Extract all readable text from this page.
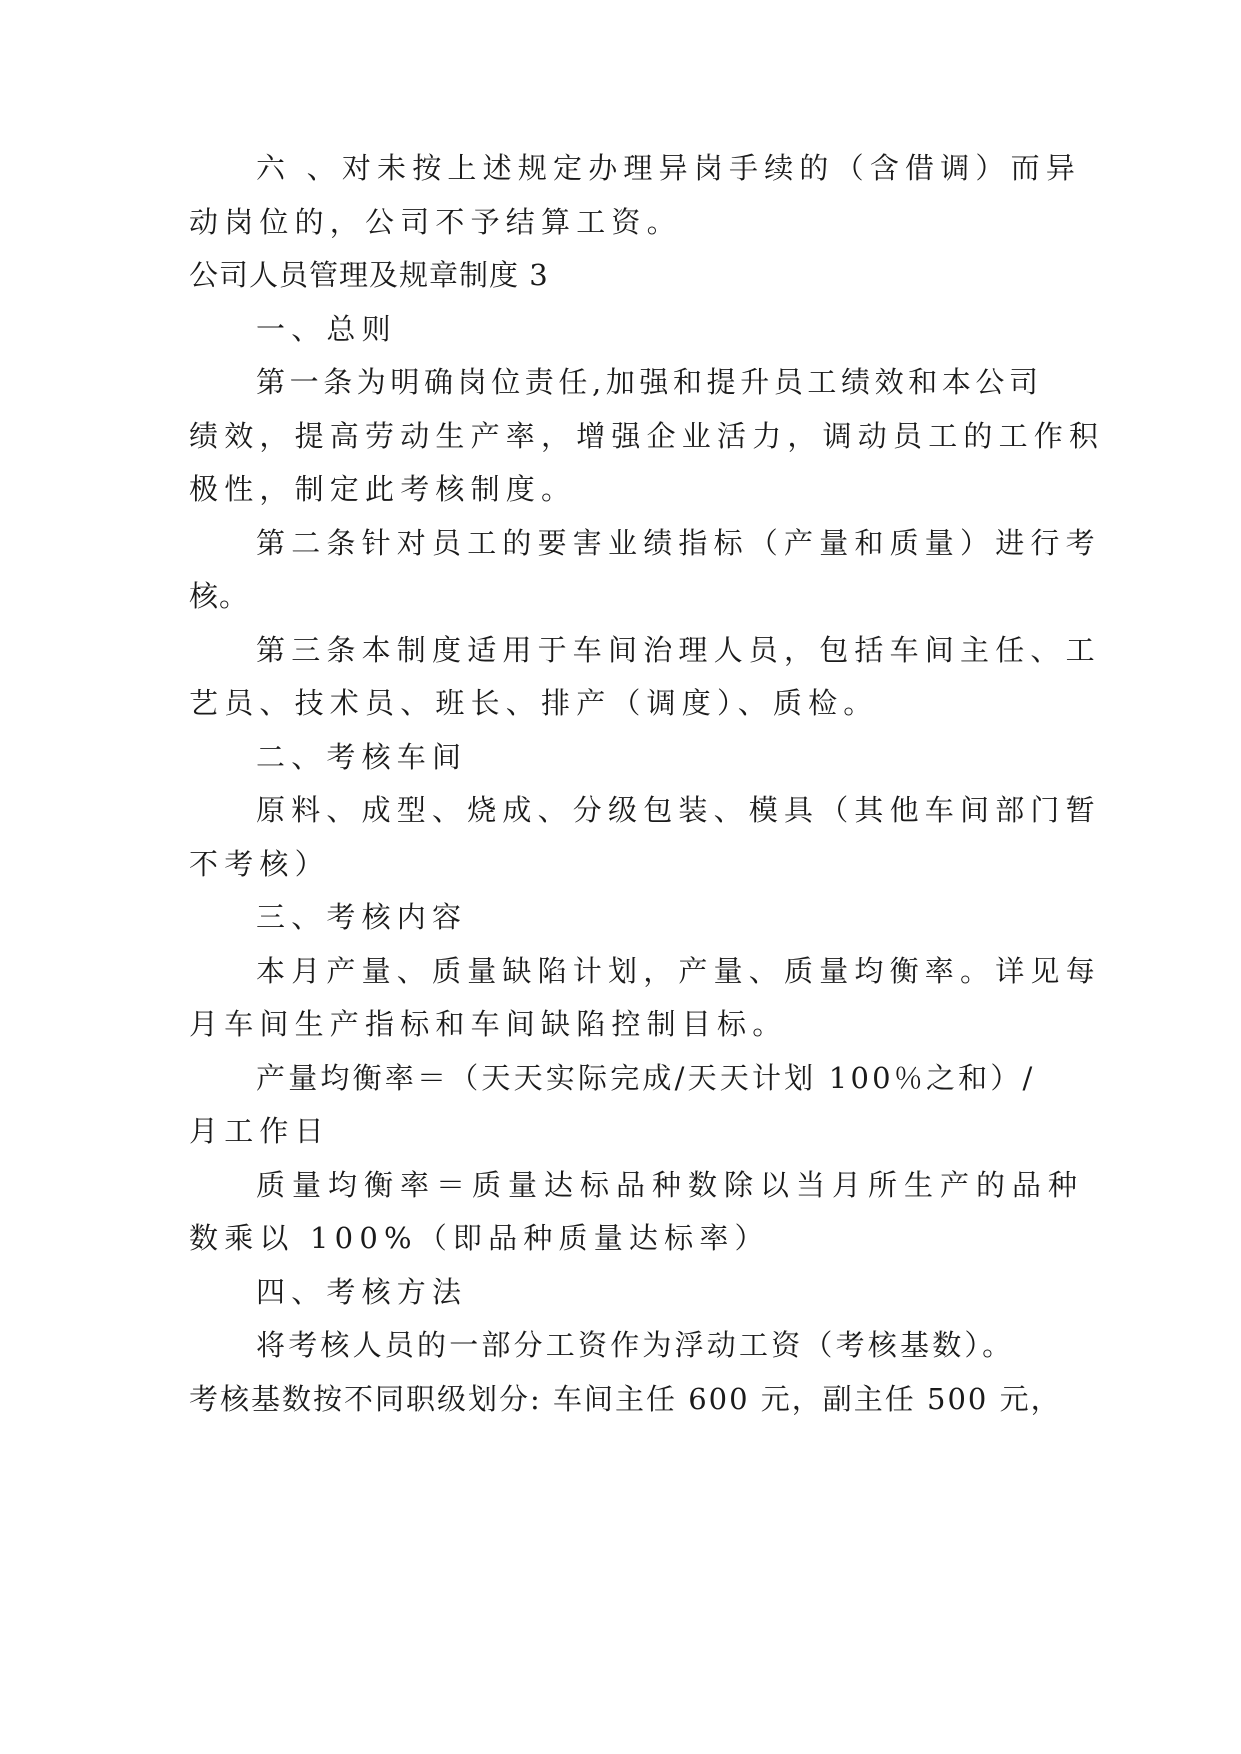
六 、对未按上述规定办理异岗手续的（含借调）而异
动岗位的，公司不予结算工资。
公司人员管理及规章制度 3
一、总则
第一条为明确岗位责任,加强和提升员工绩效和本公司
绩效，提高劳动生产率，增强企业活力，调动员工的工作积
极性，制定此考核制度。
第二条针对员工的要害业绩指标（产量和质量）进行考
核。
第三条本制度适用于车间治理人员，包括车间主任、工
艺员、技术员、班长、排产（调度）、质检。
二、考核车间
原料、成型、烧成、分级包装、模具（其他车间部门暂
不考核）
三、考核内容
本月产量、质量缺陷计划，产量、质量均衡率。详见每
月车间生产指标和车间缺陷控制目标。
产量均衡率＝（天天实际完成/天天计划 100％之和）/
月工作日
质量均衡率＝质量达标品种数除以当月所生产的品种
数乘以 100%（即品种质量达标率）
四、考核方法
将考核人员的一部分工资作为浮动工资（考核基数）。
考核基数按不同职级划分: 车间主任 600 元，副主任 500 元，
